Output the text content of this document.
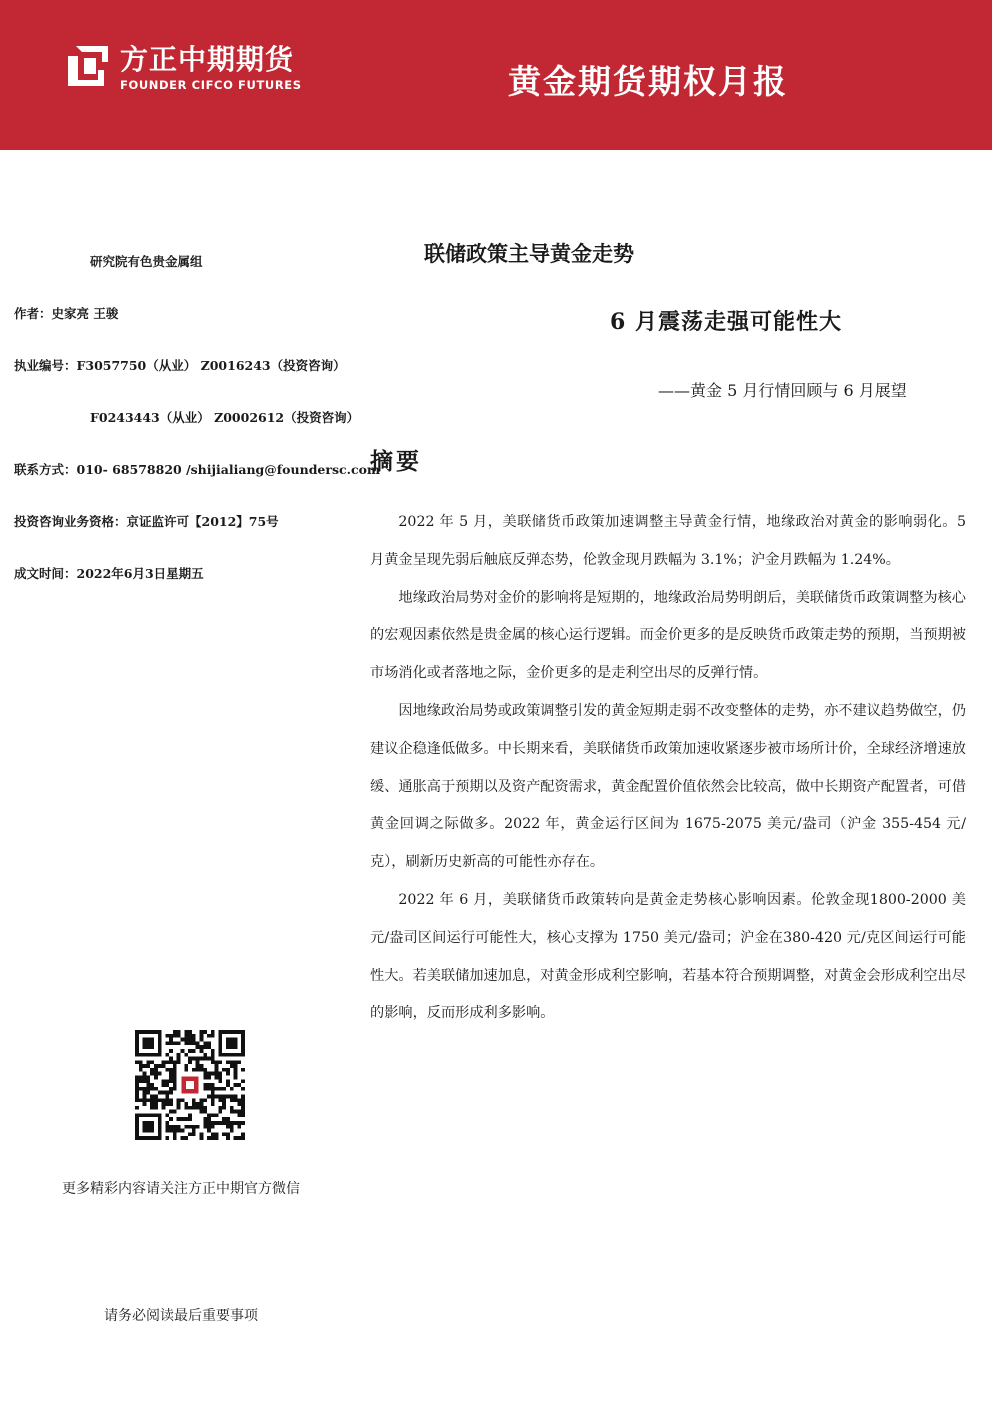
方正中期期货
FOUNDER CIFCO FUTURES	黄金期货期权月报
研究院有色贵金属组
作者：史家亮 王骏
执业编号：F3057750（从业） Z0016243（投资咨询）
F0243443（从业） Z0002612（投资咨询）
联系方式：010- 68578820 /shijialiang@foundersc.com
投资咨询业务资格：京证监许可【2012】75号
成文时间：2022年6月3日星期五
联储政策主导黄金走势
6 月震荡走强可能性大
——黄金 5 月行情回顾与 6 月展望
摘要

2022 年 5 月，美联储货币政策加速调整主导黄金行情，地缘政治对黄金的影响弱化。5 月黄金呈现先弱后触底反弹态势，伦敦金现月跌幅为 3.1%；沪金月跌幅为 1.24%。

地缘政治局势对金价的影响将是短期的，地缘政治局势明朗后，美联储货币政策调整为核心的宏观因素依然是贵金属的核心运行逻辑。而金价更多的是反映货币政策走势的预期，当预期被市场消化或者落地之际，金价更多的是走利空出尽的反弹行情。

因地缘政治局势或政策调整引发的黄金短期走弱不改变整体的走势，亦不建议趋势做空，仍建议企稳逢低做多。中长期来看，美联储货币政策加速收紧逐步被市场所计价，全球经济增速放缓、通胀高于预期以及资产配资需求，黄金配置价值依然会比较高，做中长期资产配置者，可借黄金回调之际做多。2022 年，黄金运行区间为 1675-2075 美元/盎司（沪金 355-454 元/克），刷新历史新高的可能性亦存在。

2022 年 6 月，美联储货币政策转向是黄金走势核心影响因素。伦敦金现1800-2000 美元/盎司区间运行可能性大，核心支撑为 1750 美元/盎司；沪金在380-420 元/克区间运行可能性大。若美联储加速加息，对黄金形成利空影响，若基本符合预期调整，对黄金会形成利空出尽的影响，反而形成利多影响。

更多精彩内容请关注方正中期官方微信
请务必阅读最后重要事项
